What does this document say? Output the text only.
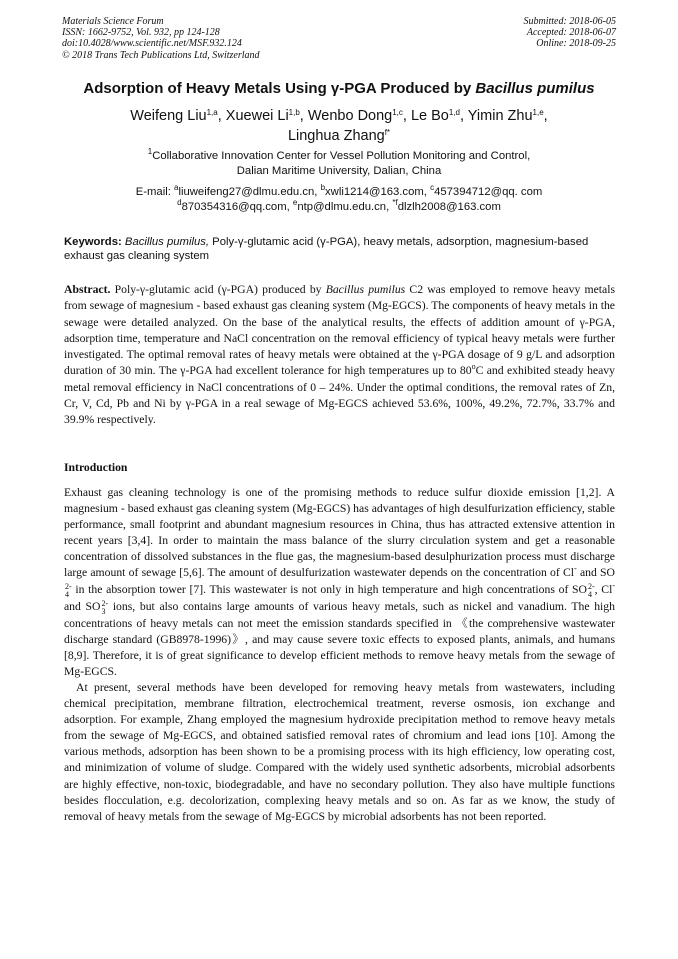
Materials Science Forum
ISSN: 1662-9752, Vol. 932, pp 124-128
doi:10.4028/www.scientific.net/MSF.932.124
© 2018 Trans Tech Publications Ltd, Switzerland
Submitted: 2018-06-05
Accepted: 2018-06-07
Online: 2018-09-25
Adsorption of Heavy Metals Using γ-PGA Produced by Bacillus pumilus
Weifeng Liu$^{1,a}$, Xuewei Li$^{1,b}$, Wenbo Dong$^{1,c}$, Le Bo$^{1,d}$, Yimin Zhu$^{1,e}$,
Linghua Zhang$^{f*}$
$^1$Collaborative Innovation Center for Vessel Pollution Monitoring and Control,
Dalian Maritime University, Dalian, China
E-mail: $^a$liuweifeng27@dlmu.edu.cn, $^b$xwli1214@163.com, $^c$457394712@qq. com
$^d$870354316@qq.com, $^e$ntp@dlmu.edu.cn, $^{*f}$dlzlh2008@163.com
Keywords: Bacillus pumilus, Poly-γ-glutamic acid (γ-PGA), heavy metals, adsorption, magnesium-based exhaust gas cleaning system
Abstract. Poly-γ-glutamic acid (γ-PGA) produced by Bacillus pumilus C2 was employed to remove heavy metals from sewage of magnesium - based exhaust gas cleaning system (Mg-EGCS). The components of heavy metals in the sewage were detailed analyzed. On the base of the analytical results, the effects of addition amount of γ-PGA, adsorption time, temperature and NaCl concentration on the removal efficiency of typical heavy metals were further investigated. The optimal removal rates of heavy metals were obtained at the γ-PGA dosage of 9 g/L and adsorption duration of 30 min. The γ-PGA had excellent tolerance for high temperatures up to 80$^o$C and exhibited steady heavy metal removal efficiency in NaCl concentrations of 0 – 24%. Under the optimal conditions, the removal rates of Zn, Cr, V, Cd, Pb and Ni by γ-PGA in a real sewage of Mg-EGCS achieved 53.6%, 100%, 49.2%, 72.7%, 33.7% and 39.9% respectively.
Introduction

Exhaust gas cleaning technology is one of the promising methods to reduce sulfur dioxide emission [1,2]. A magnesium - based exhaust gas cleaning system (Mg-EGCS) has advantages of high desulfurization efficiency, stable performance, small footprint and abundant magnesium resources in China, thus has attracted extensive attention in recent years [3,4]. In order to maintain the mass balance of the slurry circulation system and get a reasonable concentration of dissolved substances in the flue gas, the magnesium-based desulphurization process must discharge large amount of sewage [5,6]. The amount of desulfurization wastewater depends on the concentration of Cl- and SO
2-
4 in the absorption tower [7]. This wastewater is not only in high temperature and high concentrations of SO 2-
4 , Cl- and SO 2-
3 ions, but also contains large amounts of various heavy metals, such as nickel and vanadium. The high concentrations of heavy metals can not meet the emission standards specified in 《the comprehensive wastewater discharge standard (GB8978-1996)》, and may cause severe toxic effects to exposed plants, animals, and humans [8,9]. Therefore, it is of great significance to develop efficient methods to remove heavy metals from the sewage of Mg-EGCS.

At present, several methods have been developed for removing heavy metals from wastewaters, including chemical precipitation, membrane filtration, electrochemical treatment, reverse osmosis, ion exchange and adsorption. For example, Zhang employed the magnesium hydroxide precipitation method to remove heavy metals from the sewage of Mg-EGCS, and obtained satisfied removal rates of chromium and lead ions [10]. Among the various methods, adsorption has been shown to be a promising process with its high efficiency, low operating cost, and minimization of volume of sludge. Compared with the widely used synthetic adsorbents, microbial adsorbents are highly effective, non-toxic, biodegradable, and have no secondary pollution. They also have multiple functions besides flocculation, e.g. decolorization, complexing heavy metals and so on. As far as we know, the study of removal of heavy metals from the sewage of Mg-EGCS by microbial adsorbents has not been reported.
